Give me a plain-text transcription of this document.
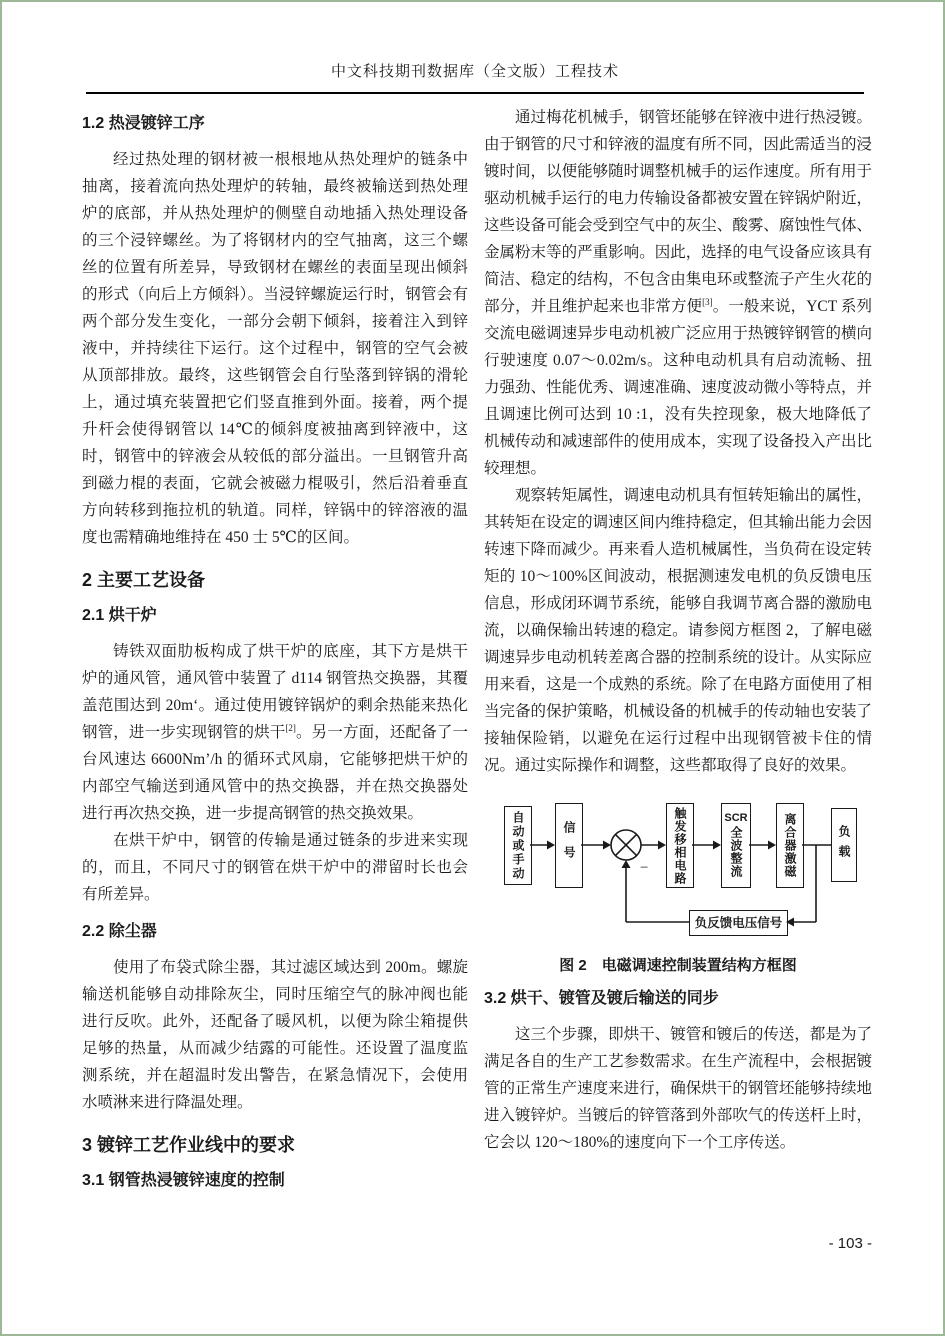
中文科技期刊数据库（全文版）工程技术
1.2 热浸镀锌工序

经过热处理的钢材被一根根地从热处理炉的链条中抽离，接着流向热处理炉的转轴，最终被输送到热处理炉的底部，并从热处理炉的侧壁自动地插入热处理设备的三个浸锌螺丝。为了将钢材内的空气抽离，这三个螺丝的位置有所差异，导致钢材在螺丝的表面呈现出倾斜的形式（向后上方倾斜）。当浸锌螺旋运行时，钢管会有两个部分发生变化，一部分会朝下倾斜，接着注入到锌液中，并持续往下运行。这个过程中，钢管的空气会被从顶部排放。最终，这些钢管会自行坠落到锌锅的滑轮上，通过填充装置把它们竖直推到外面。接着，两个提升杆会使得钢管以 14℃的倾斜度被抽离到锌液中，这时，钢管中的锌液会从较低的部分溢出。一旦钢管升高到磁力棍的表面，它就会被磁力棍吸引，然后沿着垂直方向转移到拖拉机的轨道。同样，锌锅中的锌溶液的温度也需精确地维持在 450 士 5℃的区间。

2 主要工艺设备
2.1 烘干炉

铸铁双面肋板构成了烘干炉的底座，其下方是烘干炉的通风管，通风管中装置了 d114 钢管热交换器，其覆盖范围达到 20m‘。通过使用镀锌锅炉的剩余热能来热化钢管，进一步实现钢管的烘干[2]。另一方面，还配备了一台风速达 6600Nm’/h 的循环式风扇，它能够把烘干炉的内部空气输送到通风管中的热交换器，并在热交换器处进行再次热交换，进一步提高钢管的热交换效果。

在烘干炉中，钢管的传输是通过链条的步进来实现的，而且，不同尺寸的钢管在烘干炉中的滞留时长也会有所差异。

2.2 除尘器

使用了布袋式除尘器，其过滤区域达到 200m。螺旋输送机能够自动排除灰尘，同时压缩空气的脉冲阀也能进行反吹。此外，还配备了暖风机，以便为除尘箱提供足够的热量，从而减少结露的可能性。还设置了温度监测系统，并在超温时发出警告，在紧急情况下，会使用水喷淋来进行降温处理。

3 镀锌工艺作业线中的要求
3.1 钢管热浸镀锌速度的控制

通过梅花机械手，钢管坯能够在锌液中进行热浸镀。由于钢管的尺寸和锌液的温度有所不同，因此需适当的浸镀时间，以便能够随时调整机械手的运作速度。所有用于驱动机械手运行的电力传输设备都被安置在锌锅炉附近，这些设备可能会受到空气中的灰尘、酸雾、腐蚀性气体、金属粉末等的严重影响。因此，选择的电气设备应该具有简洁、稳定的结构，不包含由集电环或整流子产生火花的部分，并且维护起来也非常方便[3]。一般来说，YCT 系列交流电磁调速异步电动机被广泛应用于热镀锌钢管的横向行驶速度 0.07～0.02m/s。这种电动机具有启动流畅、扭力强劲、性能优秀、调速准确、速度波动微小等特点，并且调速比例可达到 10 :1，没有失控现象，极大地降低了机械传动和减速部件的使用成本，实现了设备投入产出比较理想。

观察转矩属性，调速电动机具有恒转矩输出的属性，其转矩在设定的调速区间内维持稳定，但其输出能力会因转速下降而减少。再来看人造机械属性，当负荷在设定转矩的 10～100%区间波动，根据测速发电机的负反馈电压信息，形成闭环调节系统，能够自我调节离合器的激励电流，以确保输出转速的稳定。请参阅方框图 2，了解电磁调速异步电动机转差离合器的控制系统的设计。从实际应用来看，这是一个成熟的系统。除了在电路方面使用了相当完备的保护策略，机械设备的机械手的传动轴也安装了接轴保险销，以避免在运行过程中出现钢管被卡住的情况。通过实际操作和调整，这些都取得了良好的效果。

−
自动或手动	信号	触发移相电路	SCR
全波整流	离合器激磁	负载
负反馈电压信号
图 2　电磁调速控制装置结构方框图
3.2 烘干、镀管及镀后输送的同步

这三个步骤，即烘干、镀管和镀后的传送，都是为了满足各自的生产工艺参数需求。在生产流程中，会根据镀管的正常生产速度来进行，确保烘干的钢管坯能够持续地进入镀锌炉。当镀后的锌管落到外部吹气的传送杆上时，它会以 120～180%的速度向下一个工序传送。

- 103 -
